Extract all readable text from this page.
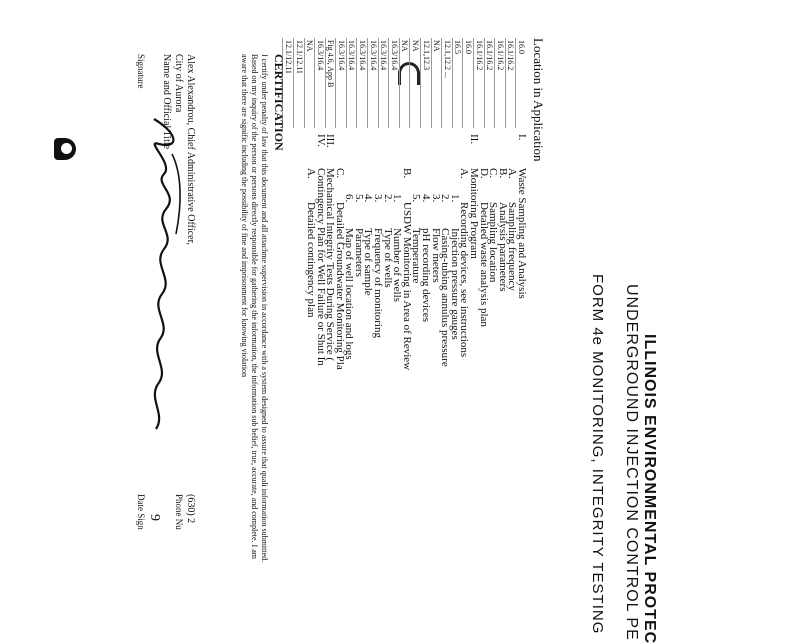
ILLINOIS ENVIRONMENTAL PROTEC
UNDERGROUND INJECTION CONTROL PE
FORM 4e MONITORING, INTEGRITY TESTING
Location in Application
16.0
16.1/16.2
16.1/16.2
16.1/16.2
16.1/16.2
16.0
16.5
12.1,12.2 ...
NA
12.1,12.3
NA
NA
16.3/16.4
16.3/16.4
16.3/16.4
16.3/16.4
16.3/16.4
16.3/16.4
Fig 4.6, App B
16.3/16.4
NA
12.1/12.11
12.1/12.11
I.Waste Sampling and Analysis
A.Sampling frequency
B.Analysis parameters
C.Sampling location
D.Detailed waste analysis plan
II.Monitoring Program
A.Recording devices, see instructions
1.Injection pressure gauges
2.Casing-tubing annulus pressure
3.Flow meters
4.pH recording devices
5.Temperature
B.USDW Monitoring in Area of Review
1.Number of wells
2.Type of wells
3.Frequency of monitoring
4.Type of sample
5.Parameters
6.Map of well location and logs
C.Detailed Groundwater Monitoring Pla
III.Mechanical Integrity Tests During Service (
IV.Contingency Plan for Well Failure or Shut In
A.Detailed contingency plan
CERTIFICATION
I certify under penalty of law that this document and all attachme supervision in accordance with a system designed to assure that quali information submitted. Based on my inquiry of the person or persons directly responsible for gathering the information, the information sub belief, true, accurate, and complete. I am aware that there are signific including the possibility of fine and imprisonment for knowing violation
Alex Alexandrou, Chief Administrative Officer,
City of Aurora
Name and Official Title
Signature
(630) 2
Phone Nu
9
Date Sign
